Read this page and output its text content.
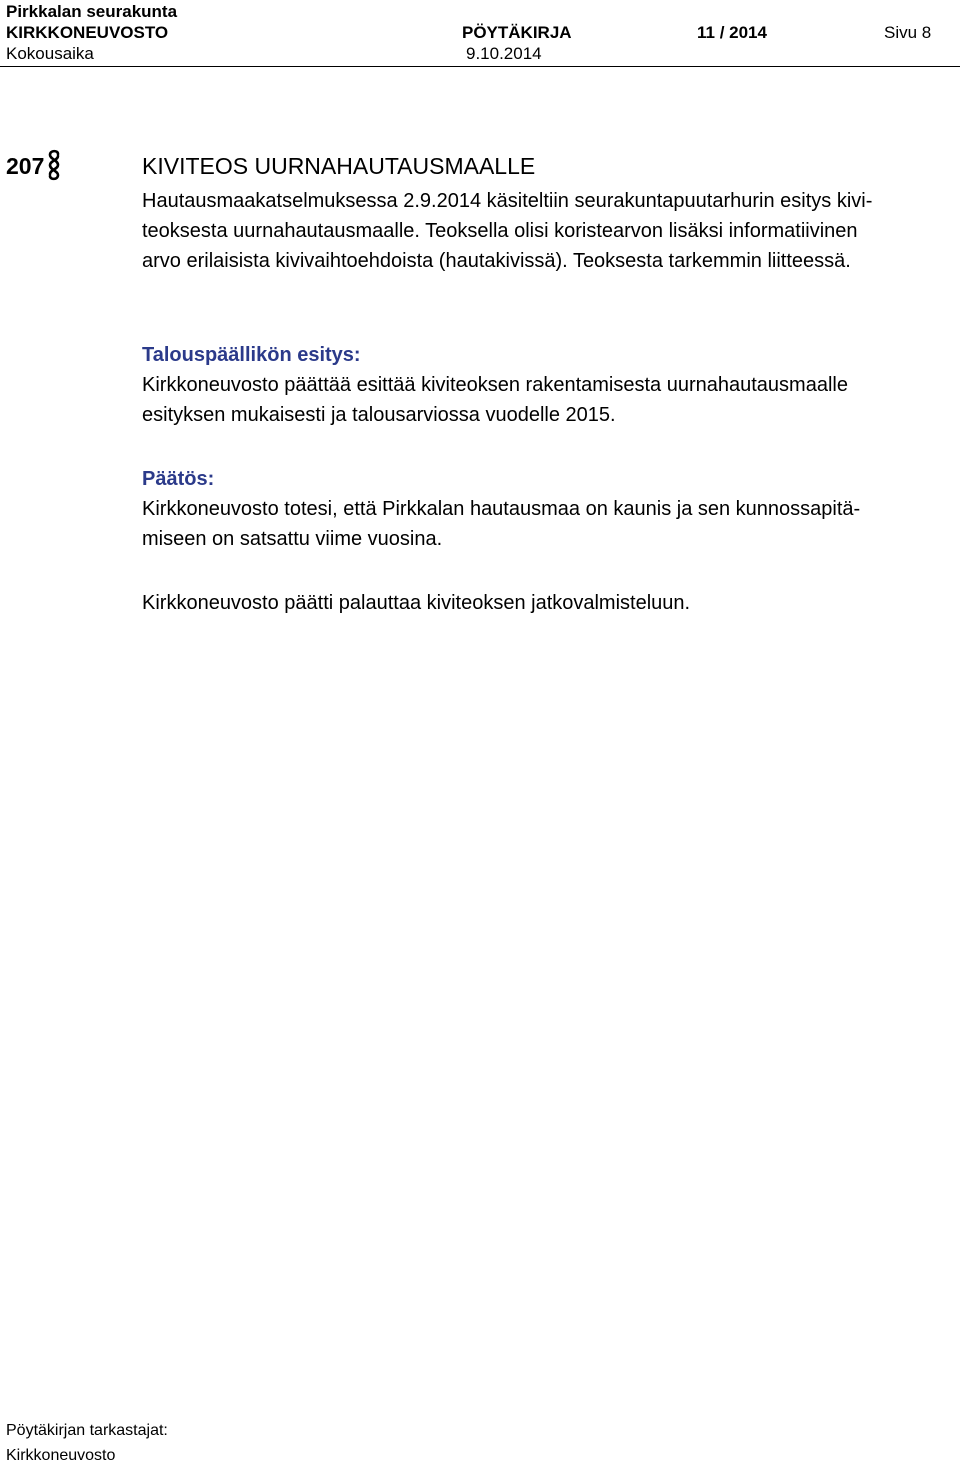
Pirkkalan seurakunta
KIRKKONEUVOSTO	PÖYTÄKIRJA	11 / 2014	Sivu 8
Kokousaika	9.10.2014
207	KIVITEOS UURNAHAUTAUSMAALLE

Hautausmaakatselmuksessa 2.9.2014 käsiteltiin seurakuntapuutarhurin esitys kivi-

teoksesta uurnahautausmaalle. Teoksella olisi koristearvon lisäksi informatiivinen

arvo erilaisista kivivaihtoehdoista (hautakivissä). Teoksesta tarkemmin liitteessä.

Talouspäällikön esitys:

Kirkkoneuvosto päättää esittää kiviteoksen rakentamisesta uurnahautausmaalle

esityksen mukaisesti ja talousarviossa vuodelle 2015.

Päätös:

Kirkkoneuvosto totesi, että Pirkkalan hautausmaa on kaunis ja sen kunnossapitä-

miseen on satsattu viime vuosina.

Kirkkoneuvosto päätti palauttaa kiviteoksen jatkovalmisteluun.

Pöytäkirjan tarkastajat:
Kirkkoneuvosto
